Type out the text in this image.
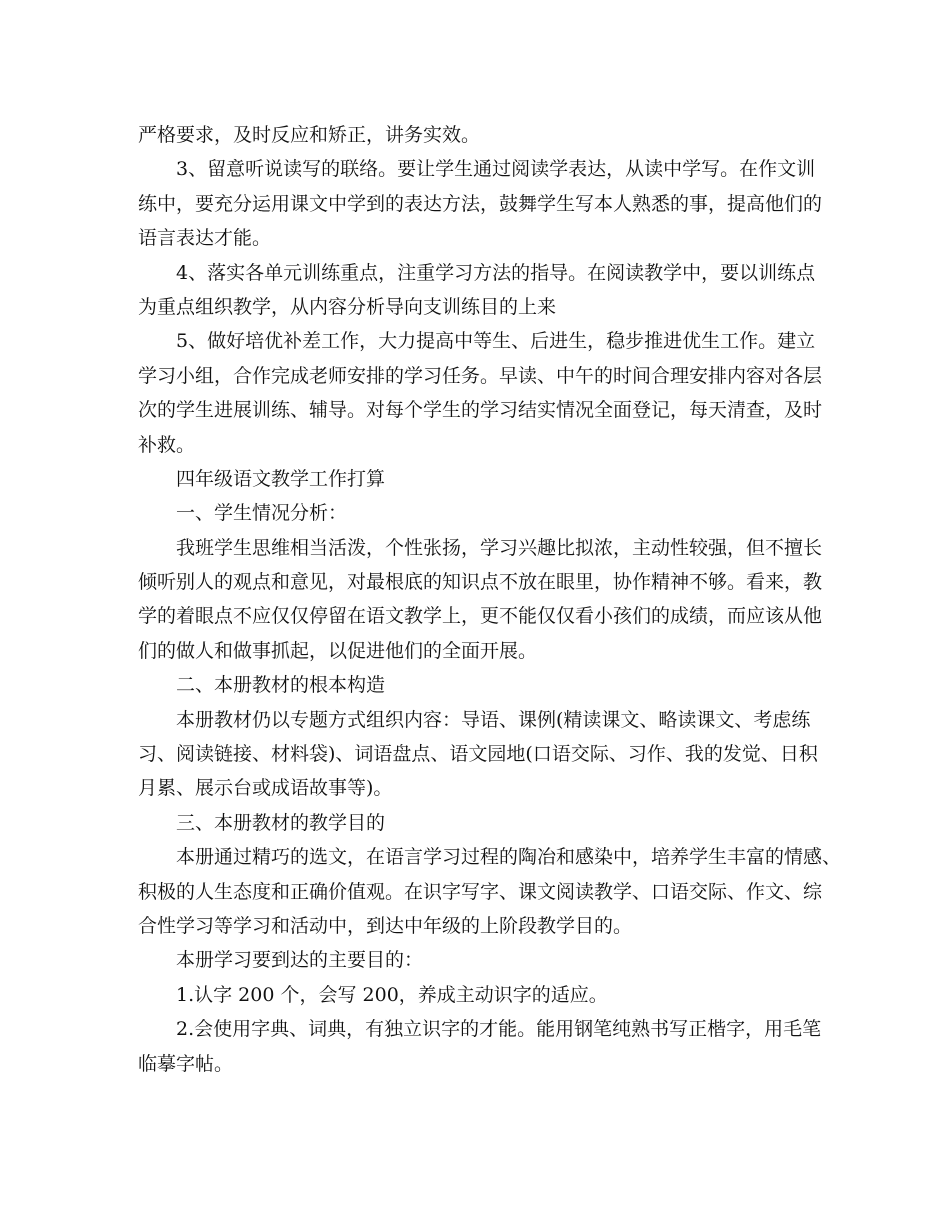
严格要求，及时反应和矫正，讲务实效。
3、留意听说读写的联络。要让学生通过阅读学表达，从读中学写。在作文训
练中，要充分运用课文中学到的表达方法，鼓舞学生写本人熟悉的事，提高他们的
语言表达才能。
4、落实各单元训练重点，注重学习方法的指导。在阅读教学中，要以训练点
为重点组织教学，从内容分析导向支训练目的上来
5、做好培优补差工作，大力提高中等生、后进生，稳步推进优生工作。建立
学习小组，合作完成老师安排的学习任务。早读、中午的时间合理安排内容对各层
次的学生进展训练、辅导。对每个学生的学习结实情况全面登记，每天清查，及时
补救。
四年级语文教学工作打算
一、学生情况分析：
我班学生思维相当活泼，个性张扬，学习兴趣比拟浓，主动性较强，但不擅长
倾听别人的观点和意见，对最根底的知识点不放在眼里，协作精神不够。看来，教
学的着眼点不应仅仅停留在语文教学上，更不能仅仅看小孩们的成绩，而应该从他
们的做人和做事抓起，以促进他们的全面开展。
二、本册教材的根本构造
本册教材仍以专题方式组织内容：导语、课例(精读课文、略读课文、考虑练
习、阅读链接、材料袋)、词语盘点、语文园地(口语交际、习作、我的发觉、日积
月累、展示台或成语故事等)。
三、本册教材的教学目的
本册通过精巧的选文，在语言学习过程的陶冶和感染中，培养学生丰富的情感、
积极的人生态度和正确价值观。在识字写字、课文阅读教学、口语交际、作文、综
合性学习等学习和活动中，到达中年级的上阶段教学目的。
本册学习要到达的主要目的：
1.认字 200 个，会写 200，养成主动识字的适应。
2.会使用字典、词典，有独立识字的才能。能用钢笔纯熟书写正楷字，用毛笔
临摹字帖。
